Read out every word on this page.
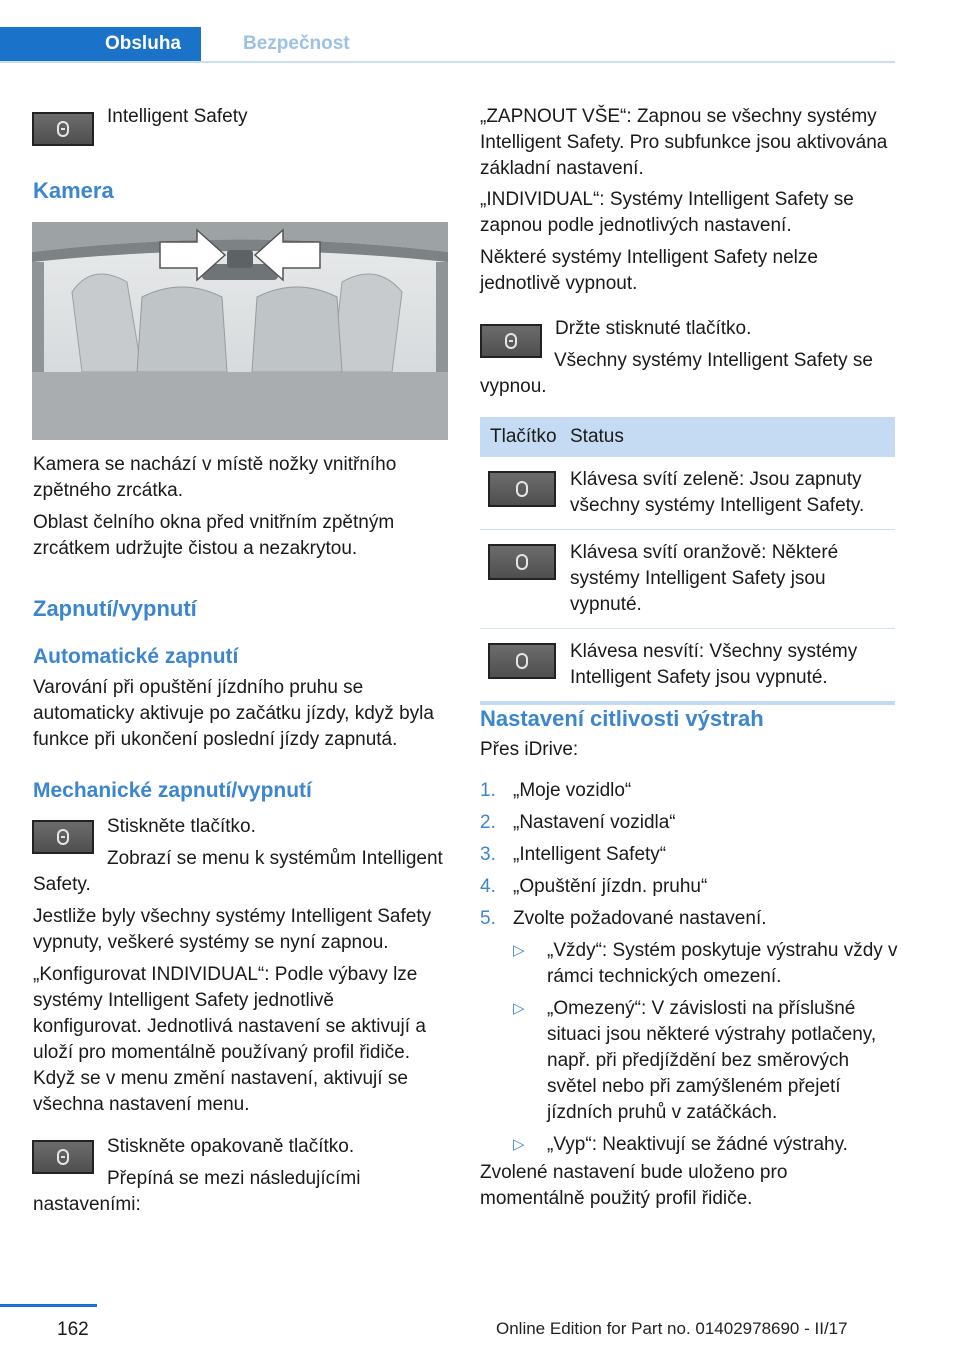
Obsluha	Bezpečnost

Intelligent Safety

Kamera

Kamera se nachází v místě nožky vnitřního zpětného zrcátka.

Oblast čelního okna před vnitřním zpětným zrcátkem udržujte čistou a nezakrytou.

Zapnutí/vypnutí
Automatické zapnutí

Varování při opuštění jízdního pruhu se automaticky aktivuje po začátku jízdy, když byla funkce při ukončení poslední jízdy zapnutá.

Mechanické zapnutí/vypnutí

Stiskněte tlačítko.

Zobrazí se menu k systémům Intelligent Safety.

Jestliže byly všechny systémy Intelligent Safety vypnuty, veškeré systémy se nyní zapnou.

„Konfigurovat INDIVIDUAL“: Podle výbavy lze systémy Intelligent Safety jednotlivě konfigurovat. Jednotlivá nastavení se aktivují a uloží pro momentálně používaný profil řidiče. Když se v menu změní nastavení, aktivují se všechna nastavení menu.

Stiskněte opakovaně tlačítko.

Přepíná se mezi následujícími nastaveními:

„ZAPNOUT VŠE“: Zapnou se všechny systémy Intelligent Safety. Pro subfunkce jsou aktivována základní nastavení.

„INDIVIDUAL“: Systémy Intelligent Safety se zapnou podle jednotlivých nastavení.

Některé systémy Intelligent Safety nelze jednotlivě vypnout.

Držte stisknuté tlačítko.

Všechny systémy Intelligent Safety se vypnou.

Tlačítko	Status

	Klávesa svítí zeleně: Jsou zapnuty všechny systémy Intelligent Safety.

	Klávesa svítí oranžově: Některé systémy Intelligent Safety jsou vypnuté.

	Klávesa nesvítí: Všechny systémy Intelligent Safety jsou vypnuté.
Nastavení citlivosti výstrah

Přes iDrive:

1. „Moje vozidlo“
2. „Nastavení vozidla“
3. „Intelligent Safety“
4. „Opuštění jízdn. pruhu“
5. Zvolte požadované nastavení.
▷ „Vždy“: Systém poskytuje výstrahu vždy v rámci technických omezení.
▷ „Omezený“: V závislosti na příslušné situaci jsou některé výstrahy potlačeny, např. při předjíždění bez směrových světel nebo při zamýšleném přejetí jízdních pruhů v zatáčkách.
▷ „Vyp“: Neaktivují se žádné výstrahy.

Zvolené nastavení bude uloženo pro momentálně použitý profil řidiče.

162	Online Edition for Part no. 01402978690 - II/17
